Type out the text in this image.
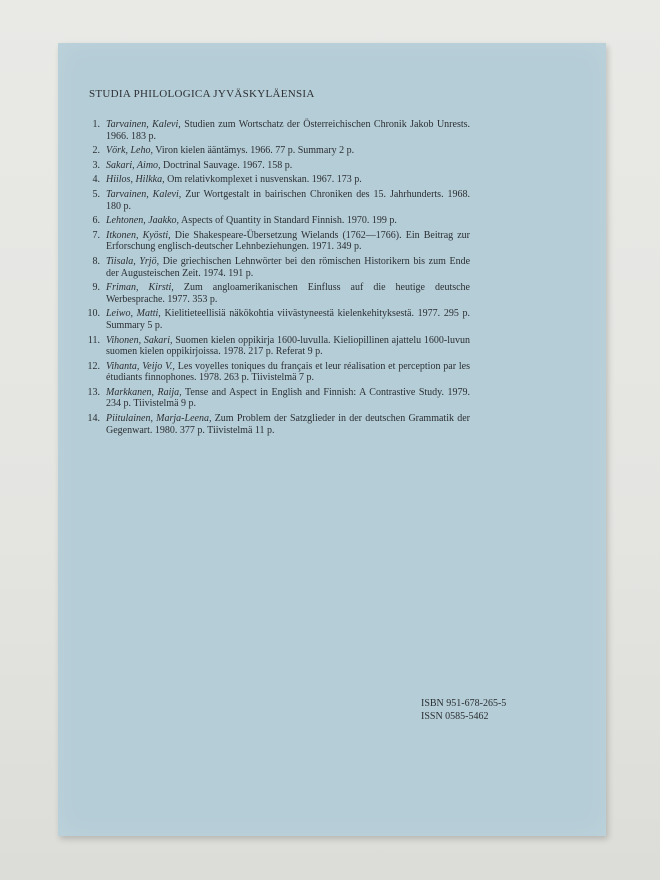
STUDIA PHILOLOGICA JYVÄSKYLÄENSIA
1. Tarvainen, Kalevi, Studien zum Wortschatz der Österreichischen Chronik Jakob Unrests. 1966. 183 p.
2. Vörk, Leho, Viron kielen ääntämys. 1966. 77 p. Summary 2 p.
3. Sakari, Aimo, Doctrinal Sauvage. 1967. 158 p.
4. Hiilos, Hilkka, Om relativkomplexet i nusvenskan. 1967. 173 p.
5. Tarvainen, Kalevi, Zur Wortgestalt in bairischen Chroniken des 15. Jahrhunderts. 1968. 180 p.
6. Lehtonen, Jaakko, Aspects of Quantity in Standard Finnish. 1970. 199 p.
7. Itkonen, Kyösti, Die Shakespeare-Übersetzung Wielands (1762—1766). Ein Beitrag zur Erforschung englisch-deutscher Lehnbeziehungen. 1971. 349 p.
8. Tiisala, Yrjö, Die griechischen Lehnwörter bei den römischen Historikern bis zum Ende der Augusteischen Zeit. 1974. 191 p.
9. Friman, Kirsti, Zum angloamerikanischen Einfluss auf die heutige deutsche Werbesprache. 1977. 353 p.
10. Leiwo, Matti, Kielitieteellisiä näkökohtia viivästyneestä kielenkehityksestä. 1977. 295 p. Summary 5 p.
11. Vihonen, Sakari, Suomen kielen oppikirja 1600-luvulla. Kieliopillinen ajattelu 1600-luvun suomen kielen oppikirjoissa. 1978. 217 p. Referat 9 p.
12. Vihanta, Veijo V., Les voyelles toniques du français et leur réalisation et perception par les étudiants finnophones. 1978. 263 p. Tiivistelmä 7 p.
13. Markkanen, Raija, Tense and Aspect in English and Finnish: A Contrastive Study. 1979. 234 p. Tiivistelmä 9 p.
14. Piitulainen, Marja-Leena, Zum Problem der Satzglieder in der deutschen Grammatik der Gegenwart. 1980. 377 p. Tiivistelmä 11 p.

ISBN 951-678-265-5
ISSN 0585-5462
